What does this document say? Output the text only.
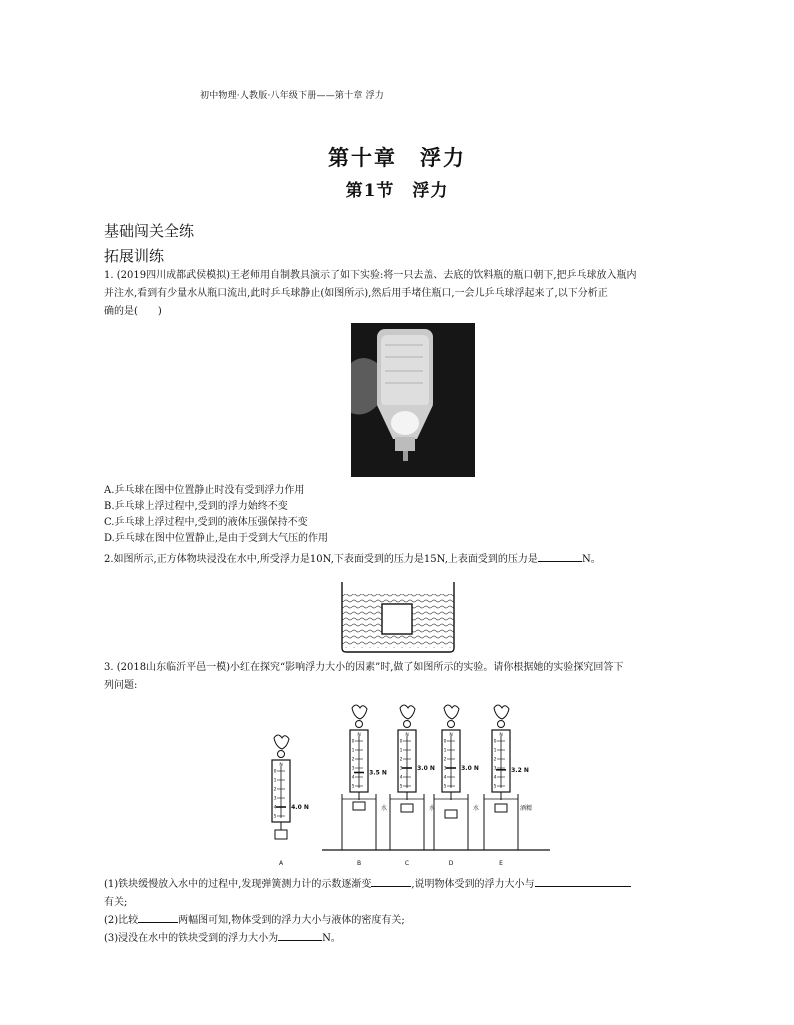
初中物理·人教版·八年级下册——第十章 浮力
第十章　浮力
第1节　浮力
基础闯关全练
拓展训练
1. (2019四川成都武侯模拟)王老师用自制教具演示了如下实验:将一只去盖、去底的饮料瓶的瓶口朝下,把乒乓球放入瓶内
并注水,看到有少量水从瓶口流出,此时乒乓球静止(如图所示),然后用手堵住瓶口,一会儿乒乓球浮起来了,以下分析正
确的是(　　)
A.乒乓球在图中位置静止时没有受到浮力作用
B.乒乓球上浮过程中,受到的浮力始终不变
C.乒乓球上浮过程中,受到的液体压强保持不变
D.乒乓球在图中位置静止,是由于受到大气压的作用
2.如图所示,正方体物块浸没在水中,所受浮力是10N,下表面受到的压力是15N,上表面受到的压力是	N。
3. (2018山东临沂平邑一模)小红在探究“影响浮力大小的因素”时,做了如图所示的实验。请你根据她的实验探究回答下
列问题:
N
0
1
2
3
4
5
4.0 N
A
N
0
1
2
3
4
5
3.5 N
水
B
N
0
1
2
3
4
5
3.0 N
水
C
N
0
1
2
3
4
5
3.0 N
水
D
N
0
1
2
3
4
5
3.2 N
酒精
E
(1)铁块缓慢放入水中的过程中,发现弹簧测力计的示数逐渐变	,说明物体受到的浮力大小与
有关;
(2)比较	两幅图可知,物体受到的浮力大小与液体的密度有关;
(3)浸没在水中的铁块受到的浮力大小为	N。
